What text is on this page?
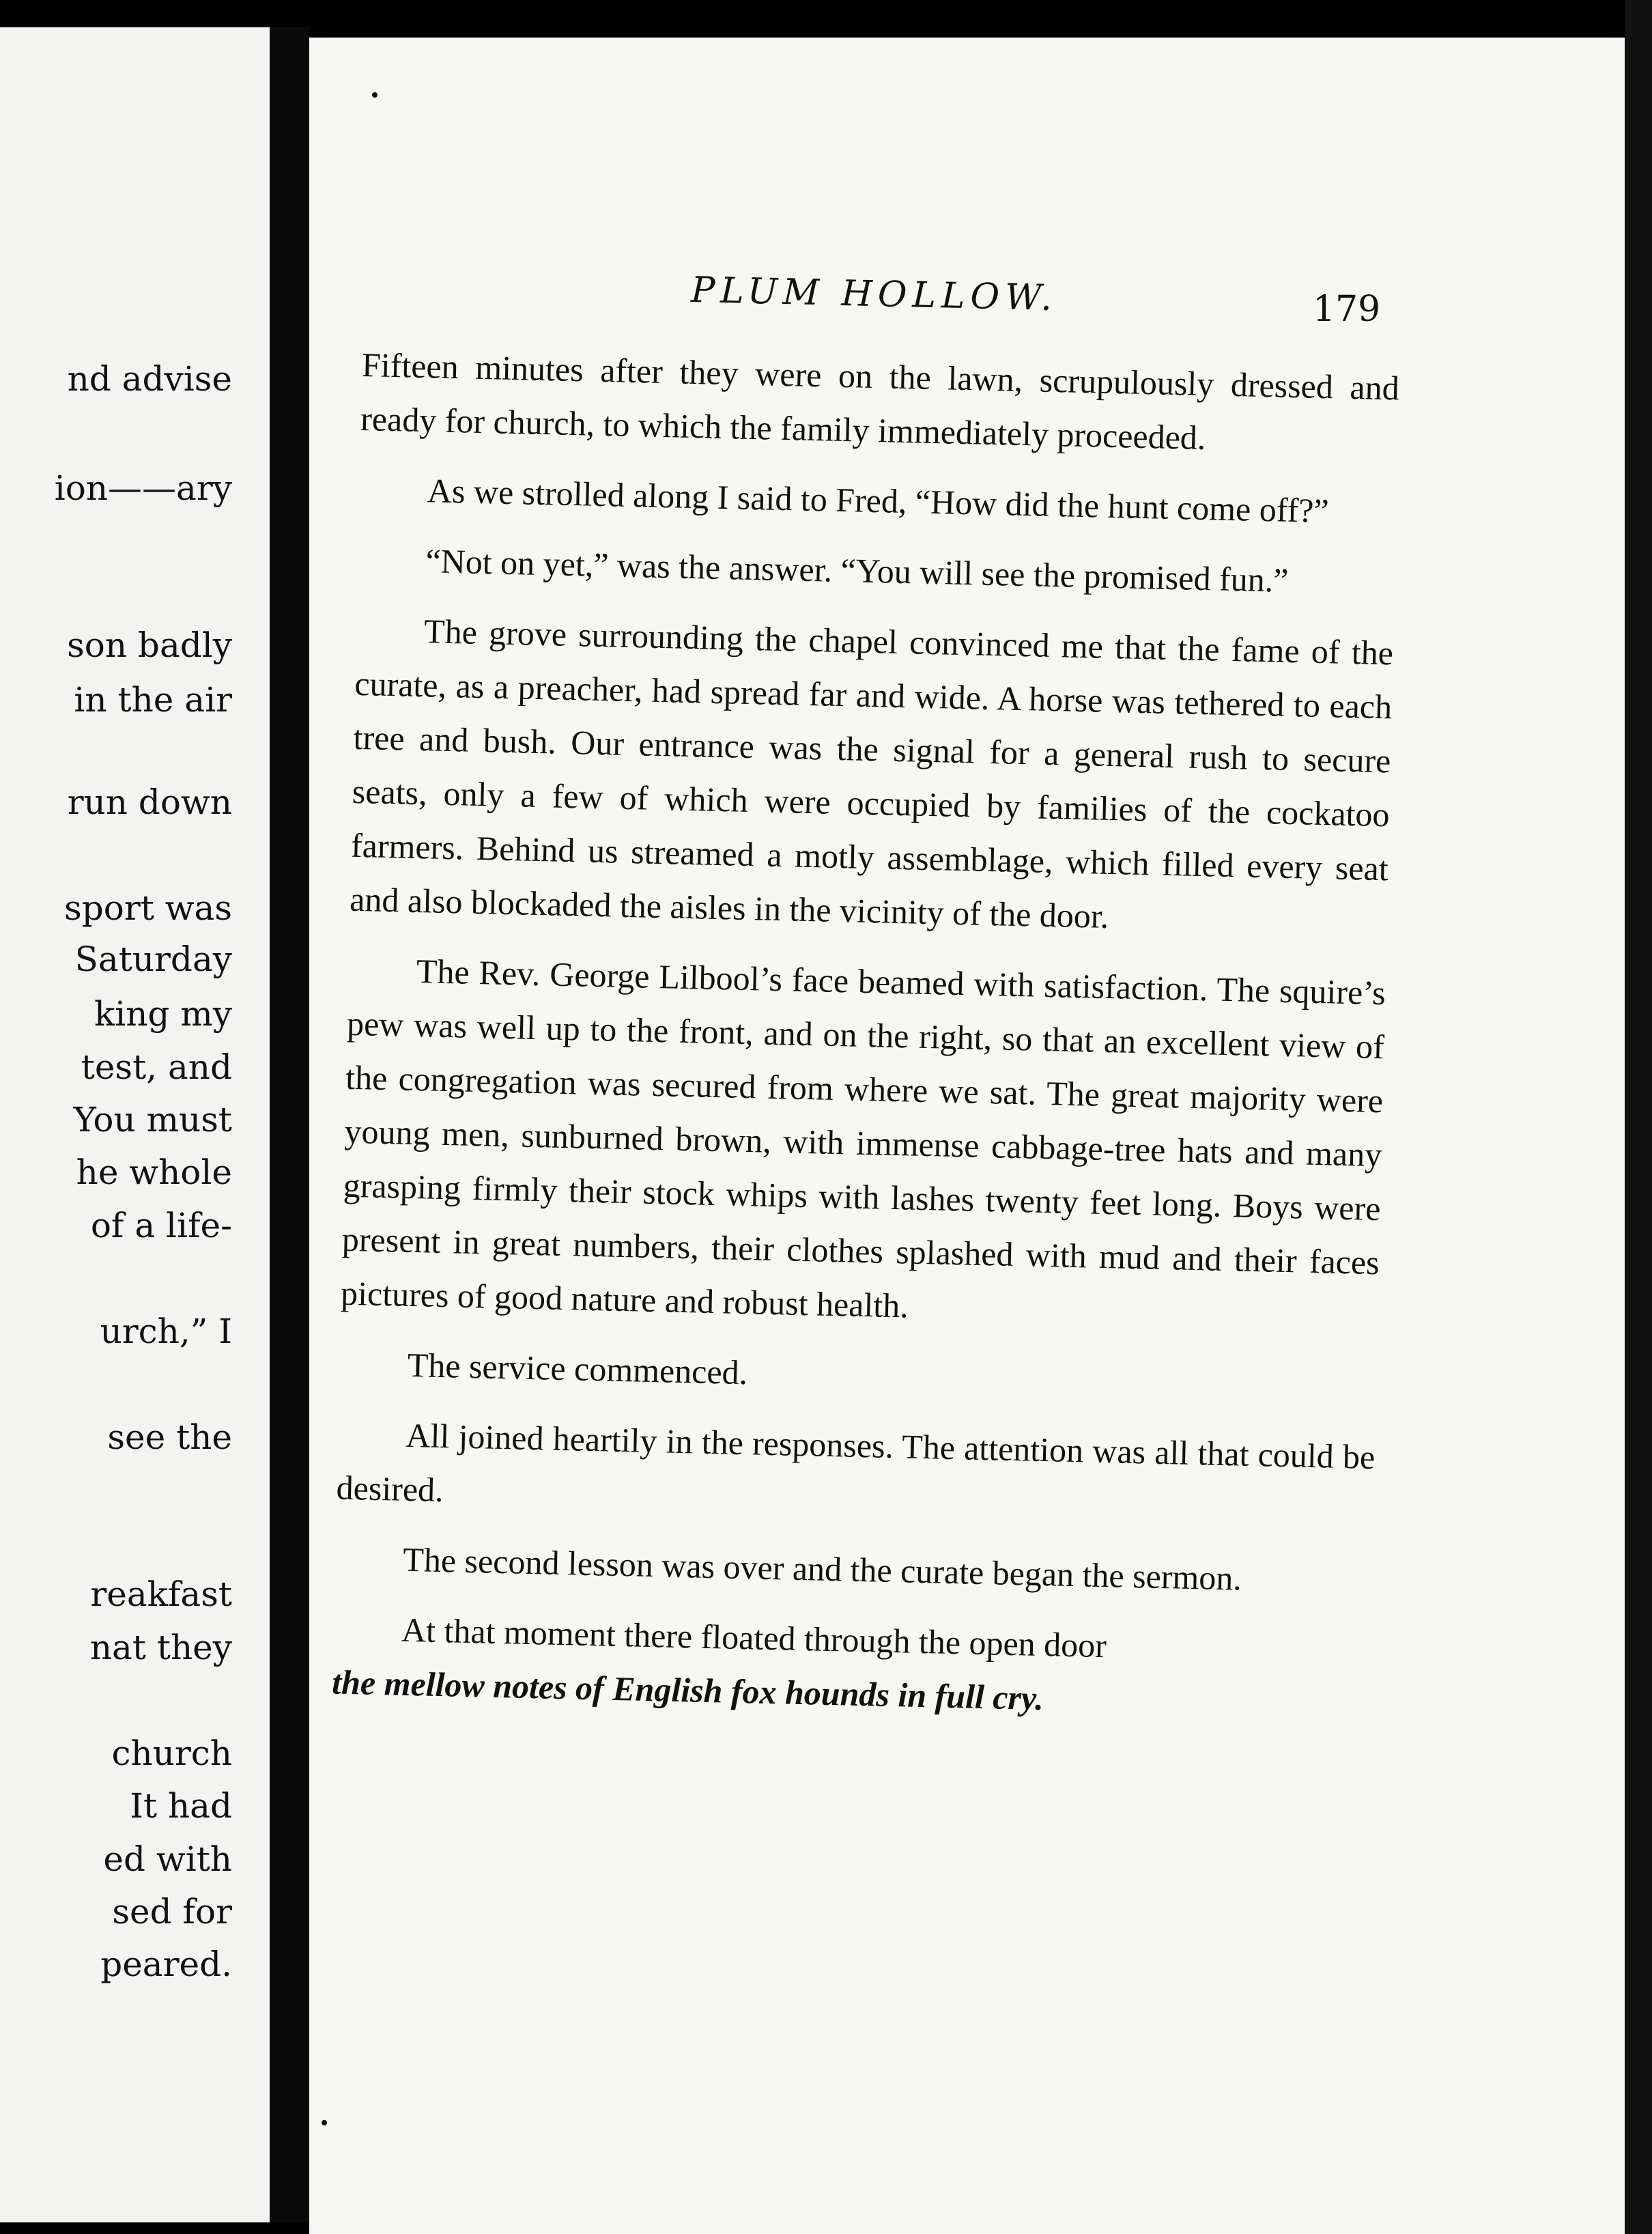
nd advise
ion——ary
son badly
in the air
run down
sport was
Saturday
king my
test, and
You must
he whole
of a life-
urch,” I
see the
reakfast
nat they
church
It had
ed with
sed for
peared.
PLUM HOLLOW.	179

Fifteen minutes after they were on the lawn, scrupulously dressed and ready for church, to which the family immediately proceeded.

As we strolled along I said to Fred, “How did the hunt come off?”

“Not on yet,” was the answer. “You will see the promised fun.”

The grove surrounding the chapel convinced me that the fame of the curate, as a preacher, had spread far and wide. A horse was tethered to each tree and bush. Our entrance was the signal for a general rush to secure seats, only a few of which were occupied by families of the cockatoo farmers. Behind us streamed a motly assemblage, which filled every seat and also blockaded the aisles in the vicinity of the door.

The Rev. George Lilbool’s face beamed with satisfaction. The squire’s pew was well up to the front, and on the right, so that an excellent view of the congregation was secured from where we sat. The great majority were young men, sunburned brown, with immense cabbage-tree hats and many grasping firmly their stock whips with lashes twenty feet long. Boys were present in great numbers, their clothes splashed with mud and their faces pictures of good nature and robust health.

The service commenced.

All joined heartily in the responses. The attention was all that could be desired.

The second lesson was over and the curate began the sermon.

At that moment there floated through the open door

the mellow notes of English fox hounds in full cry.
